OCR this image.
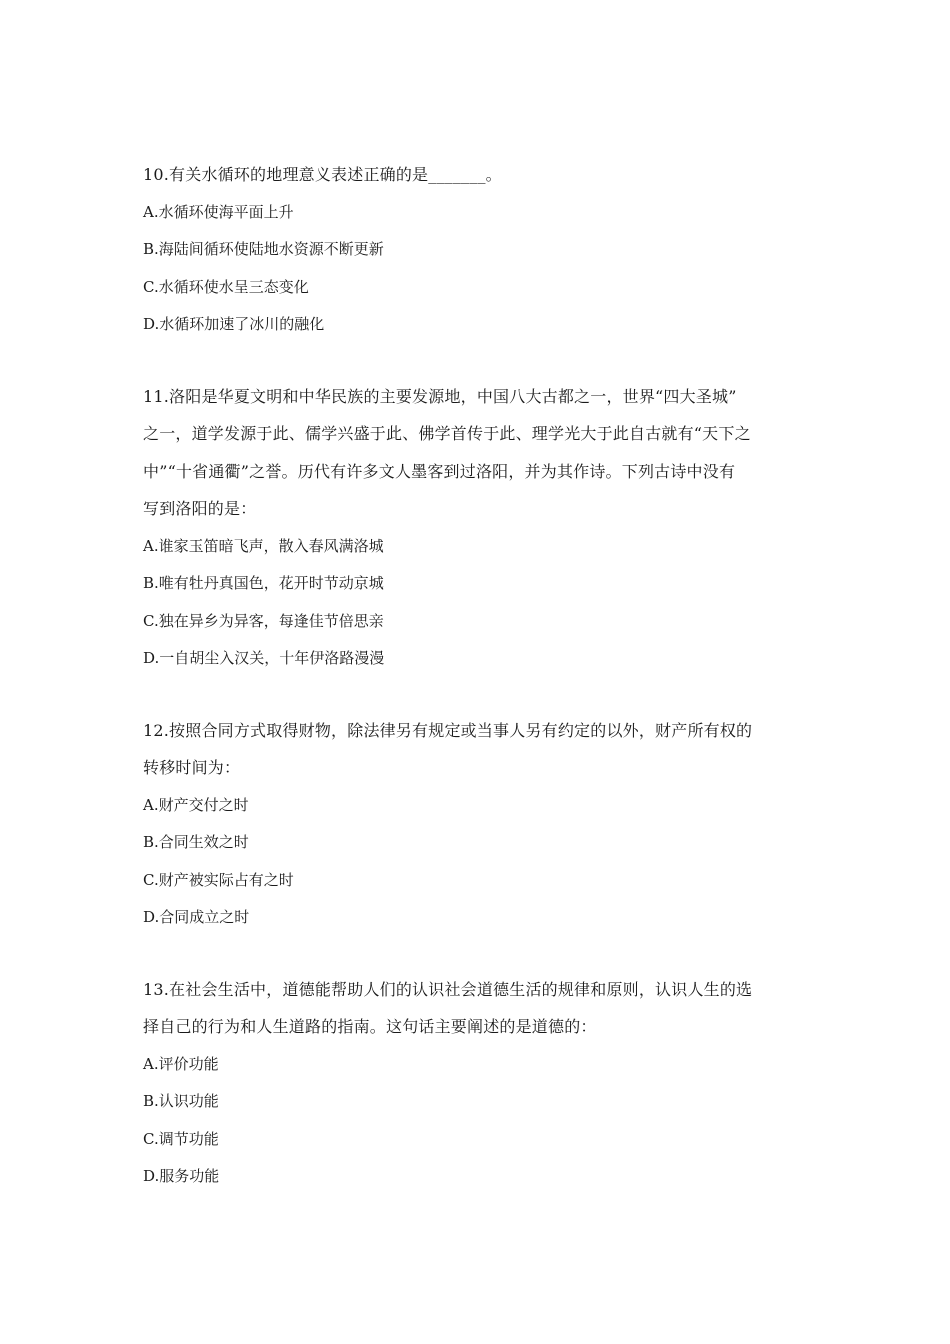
10.有关水循环的地理意义表述正确的是_______。
A.水循环使海平面上升
B.海陆间循环使陆地水资源不断更新
C.水循环使水呈三态变化
D.水循环加速了冰川的融化
11.洛阳是华夏文明和中华民族的主要发源地，中国八大古都之一，世界“四大圣城”
之一，道学发源于此、儒学兴盛于此、佛学首传于此、理学光大于此自古就有“天下之
中”“十省通衢”之誉。历代有许多文人墨客到过洛阳，并为其作诗。下列古诗中没有
写到洛阳的是：
A.谁家玉笛暗飞声，散入春风满洛城
B.唯有牡丹真国色，花开时节动京城
C.独在异乡为异客，每逢佳节倍思亲
D.一自胡尘入汉关，十年伊洛路漫漫
12.按照合同方式取得财物，除法律另有规定或当事人另有约定的以外，财产所有权的
转移时间为：
A.财产交付之时
B.合同生效之时
C.财产被实际占有之时
D.合同成立之时
13.在社会生活中，道德能帮助人们的认识社会道德生活的规律和原则，认识人生的选
择自己的行为和人生道路的指南。这句话主要阐述的是道德的：
A.评价功能
B.认识功能
C.调节功能
D.服务功能
